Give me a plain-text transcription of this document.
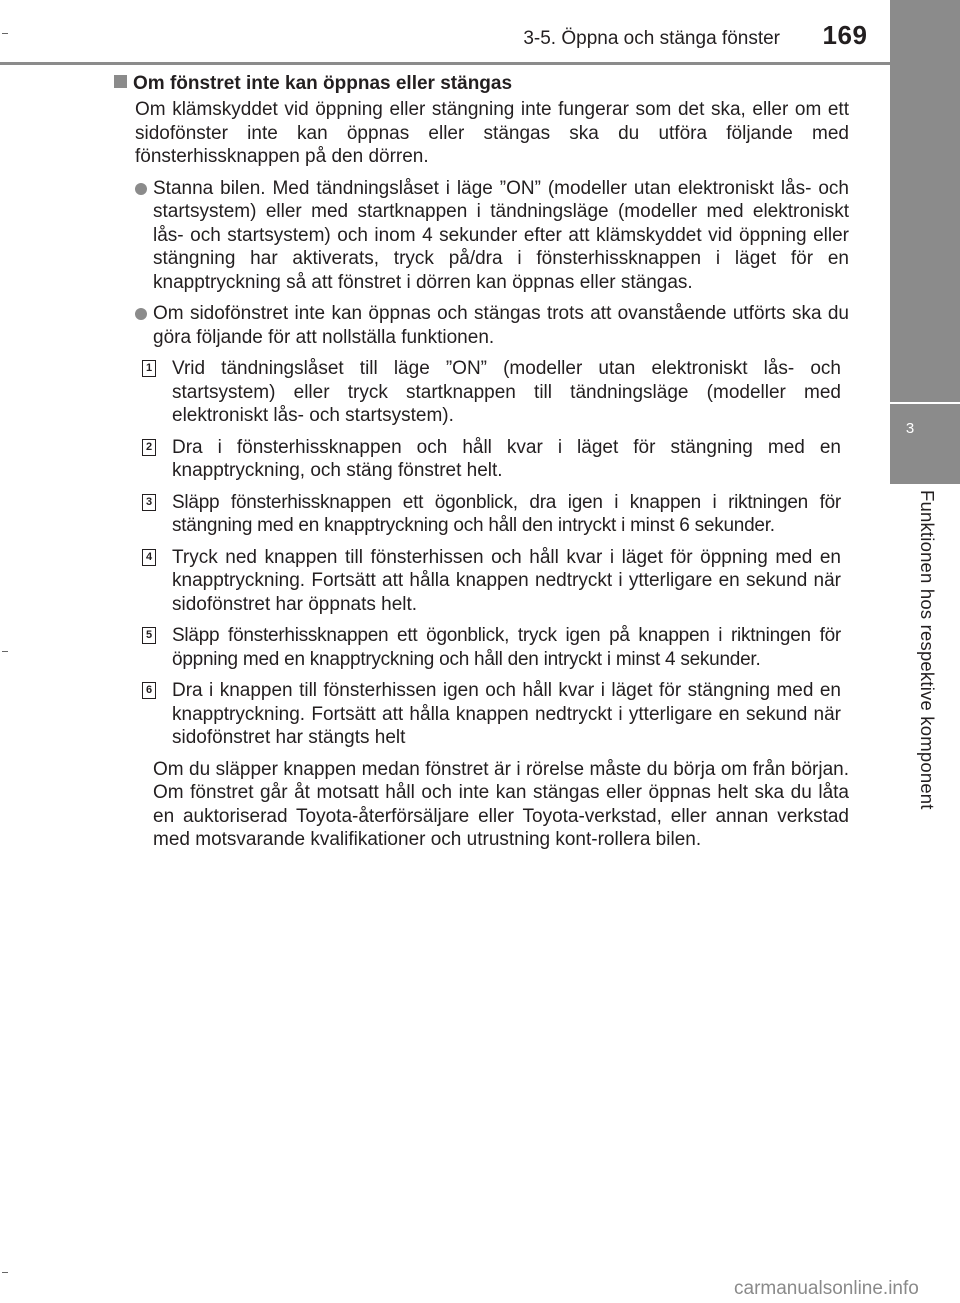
3-5. Öppna och stänga fönster	169
3
Funktionen hos respektive komponent
Om fönstret inte kan öppnas eller stängas
Om klämskyddet vid öppning eller stängning inte fungerar som det ska, eller om ett sidofönster inte kan öppnas eller stängas ska du utföra följande med fönsterhissknappen på den dörren.
Stanna bilen. Med tändningslåset i läge ”ON” (modeller utan elektroniskt lås- och startsystem) eller med startknappen i tändningsläge (modeller med elektroniskt lås- och startsystem) och inom 4 sekunder efter att klämskyddet vid öppning eller stängning har aktiverats, tryck på/dra i fönsterhissknappen i läget för en knapptryckning så att fönstret i dörren kan öppnas eller stängas.
Om sidofönstret inte kan öppnas och stängas trots att ovanstående utförts ska du göra följande för att nollställa funktionen.
1 Vrid tändningslåset till läge ”ON” (modeller utan elektroniskt lås- och startsystem) eller tryck startknappen till tändningsläge (modeller med elektroniskt lås- och startsystem).
2 Dra i fönsterhissknappen och håll kvar i läget för stängning med en knapptryckning, och stäng fönstret helt.
3 Släpp fönsterhissknappen ett ögonblick, dra igen i knappen i riktningen för stängning med en knapptryckning och håll den intryckt i minst 6 sekunder.
4 Tryck ned knappen till fönsterhissen och håll kvar i läget för öppning med en knapptryckning. Fortsätt att hålla knappen nedtryckt i ytterligare en sekund när sidofönstret har öppnats helt.
5 Släpp fönsterhissknappen ett ögonblick, tryck igen på knappen i riktningen för öppning med en knapptryckning och håll den intryckt i minst 4 sekunder.
6 Dra i knappen till fönsterhissen igen och håll kvar i läget för stängning med en knapptryckning. Fortsätt att hålla knappen nedtryckt i ytterligare en sekund när sidofönstret har stängts helt
Om du släpper knappen medan fönstret är i rörelse måste du börja om från början. Om fönstret går åt motsatt håll och inte kan stängas eller öppnas helt ska du låta en auktoriserad Toyota-återförsäljare eller Toyota-verkstad, eller annan verkstad med motsvarande kvalifikationer och utrustning kont-rollera bilen.
carmanualsonline.info
